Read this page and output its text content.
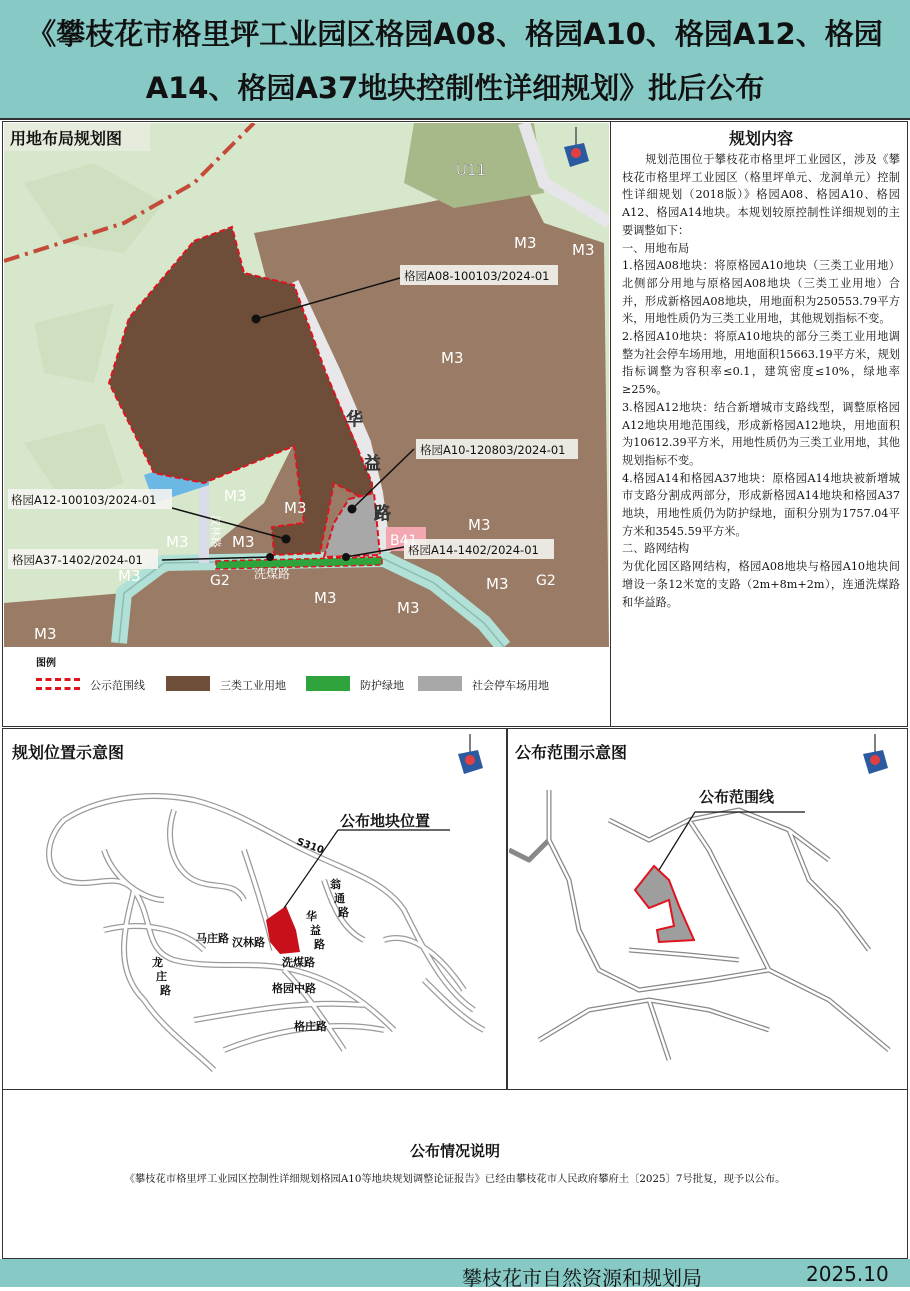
《攀枝花市格里坪工业园区格园A08、格园A10、格园A12、格园
A14、格园A37地块控制性详细规划》批后公布
格园A08-100103/2024-01
格园A10-120803/2024-01
格园A12-100103/2024-01
格园A37-1402/2024-01
格园A14-1402/2024-01
U11
M3 M3
M3
M3
M3
M3	M3
M3
M3
M3
M3
M3
M3
B41
G2	G2
华
益
路
洗煤路
汉林路
用地布局规划图
图例
公示范围线	三类工业用地	防护绿地	社会停车场用地
规划内容

　　规划范围位于攀枝花市格里坪工业园区，涉及《攀枝花市格里坪工业园区（格里坪单元、龙洞单元）控制性详细规划（2018版）》格园A08、格园A10、格园A12、格园A14地块。本规划较原控制性详细规划的主要调整如下：

一、用地布局

1.格园A08地块：将原格园A10地块（三类工业用地）北侧部分用地与原格园A08地块（三类工业用地）合并，形成新格园A08地块，用地面积为250553.79平方米，用地性质仍为三类工业用地，其他规划指标不变。

2.格园A10地块：将原A10地块的部分三类工业用地调整为社会停车场用地，用地面积15663.19平方米，规划指标调整为容积率≤0.1，建筑密度≤10%，绿地率≥25%。

3.格园A12地块：结合新增城市支路线型，调整原格园A12地块用地范围线，形成新格园A12地块，用地面积为10612.39平方米，用地性质仍为三类工业用地，其他规划指标不变。

4.格园A14和格园A37地块：原格园A14地块被新增城市支路分割成两部分，形成新格园A14地块和格园A37地块，用地性质仍为防护绿地，面积分别为1757.04平方米和3545.59平方米。

二、路网结构

为优化园区路网结构，格园A08地块与格园A10地块间增设一条12米宽的支路（2m+8m+2m），连通洗煤路和华益路。

规划位置示意图
公布地块位置
S310
马庄路 汉林路
华
益
路
翁
通
路
洗煤路
龙
庄
路	格园中路
格庄路
公布范围示意图
公布范围线
公布情况说明

《攀枝花市格里坪工业园区控制性详细规划格园A10等地块规划调整论证报告》已经由攀枝花市人民政府攀府土〔2025〕7号批复，现予以公布。

攀枝花市自然资源和规划局	2025.10
